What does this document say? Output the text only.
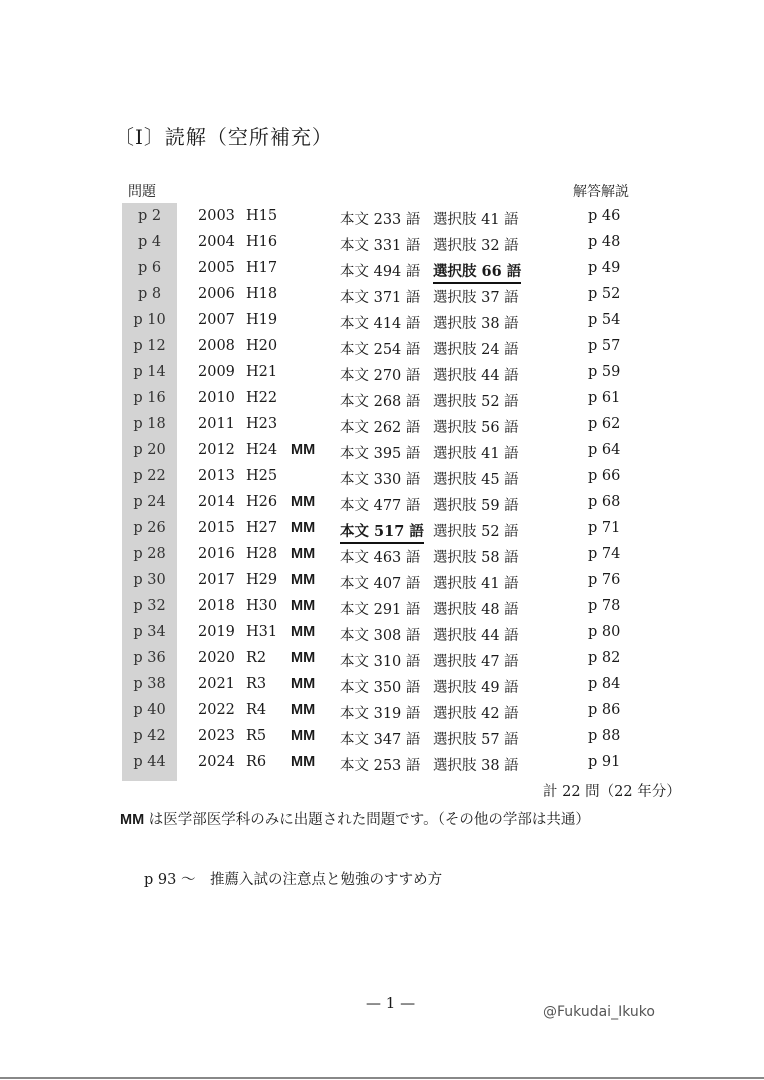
〔Ⅰ〕読解（空所補充）
問題	解答解説
p 2	2003 H15	本文 233 語 選択肢 41 語	p 46
p 4	2004 H16	本文 331 語 選択肢 32 語	p 48
p 6	2005 H17	本文 494 語 選択肢 66 語	p 49
p 8	2006 H18	本文 371 語 選択肢 37 語	p 52
p 10	2007 H19	本文 414 語 選択肢 38 語	p 54
p 12	2008 H20	本文 254 語 選択肢 24 語	p 57
p 14	2009 H21	本文 270 語 選択肢 44 語	p 59
p 16	2010 H22	本文 268 語 選択肢 52 語	p 61
p 18	2011 H23	本文 262 語 選択肢 56 語	p 62
p 20	2012 H24 MM 本文 395 語 選択肢 41 語	p 64
p 22	2013 H25	本文 330 語 選択肢 45 語	p 66
p 24	2014 H26 MM 本文 477 語 選択肢 59 語	p 68
p 26	2015 H27 MM 本文 517 語 選択肢 52 語	p 71
p 28	2016 H28 MM 本文 463 語 選択肢 58 語	p 74
p 30	2017 H29 MM 本文 407 語 選択肢 41 語	p 76
p 32	2018 H30 MM 本文 291 語 選択肢 48 語	p 78
p 34	2019 H31 MM 本文 308 語 選択肢 44 語	p 80
p 36	2020 R2 MM 本文 310 語 選択肢 47 語	p 82
p 38	2021 R3 MM 本文 350 語 選択肢 49 語	p 84
p 40	2022 R4 MM 本文 319 語 選択肢 42 語	p 86
p 42	2023 R5 MM 本文 347 語 選択肢 57 語	p 88
p 44	2024 R6 MM 本文 253 語 選択肢 38 語	p 91
計 22 問（22 年分）
MM は医学部医学科のみに出題された問題です。（その他の学部は共通）
p 93 〜　推薦入試の注意点と勉強のすすめ方
— 1 —	@Fukudai_Ikuko
